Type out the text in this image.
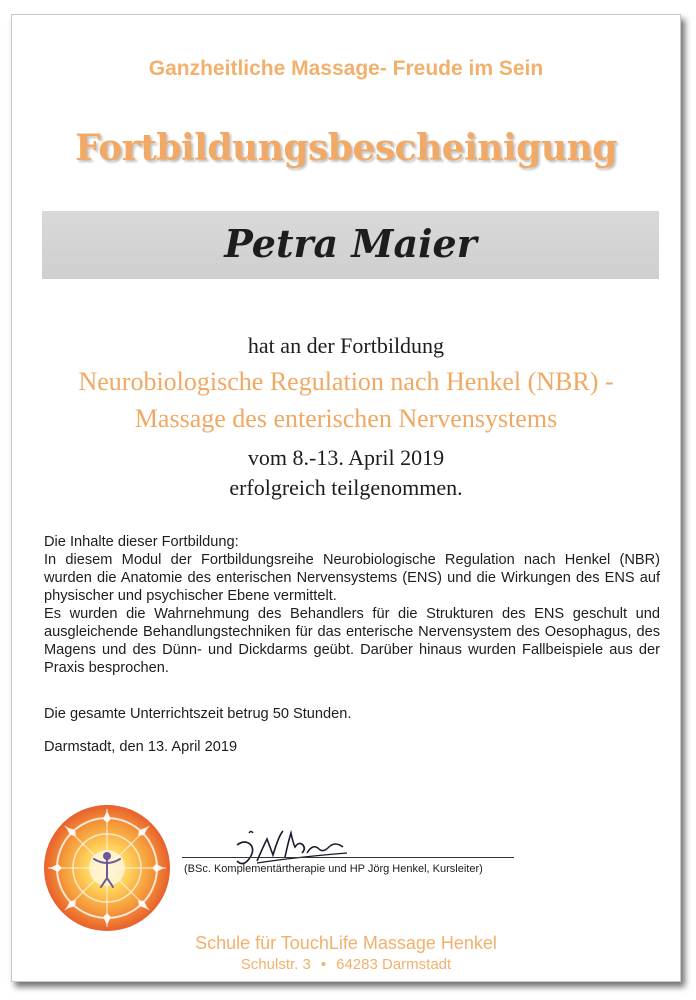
Ganzheitliche Massage- Freude im Sein
Fortbildungsbescheinigung
Petra Maier
hat an der Fortbildung
Neurobiologische Regulation nach Henkel (NBR) -
Massage des enterischen Nervensystems
vom 8.-13. April 2019
erfolgreich teilgenommen.
Die Inhalte dieser Fortbildung:
In diesem Modul der Fortbildungsreihe Neurobiologische Regulation nach Henkel (NBR) wurden die Anatomie des enterischen Nervensystems (ENS) und die Wirkungen des ENS auf physischer und psychischer Ebene vermittelt.
Es wurden die Wahrnehmung des Behandlers für die Strukturen des ENS geschult und ausgleichende Behandlungstechniken für das enterische Nervensystem des Oesophagus, des Magens und des Dünn- und Dickdarms geübt. Darüber hinaus wurden Fallbeispiele aus der Praxis besprochen.
Die gesamte Unterrichtszeit betrug 50 Stunden.
Darmstadt, den 13. April 2019
(BSc. Komplementärtherapie und HP Jörg Henkel, Kursleiter)
Schule für TouchLife Massage Henkel
Schulstr. 3 • 64283 Darmstadt
